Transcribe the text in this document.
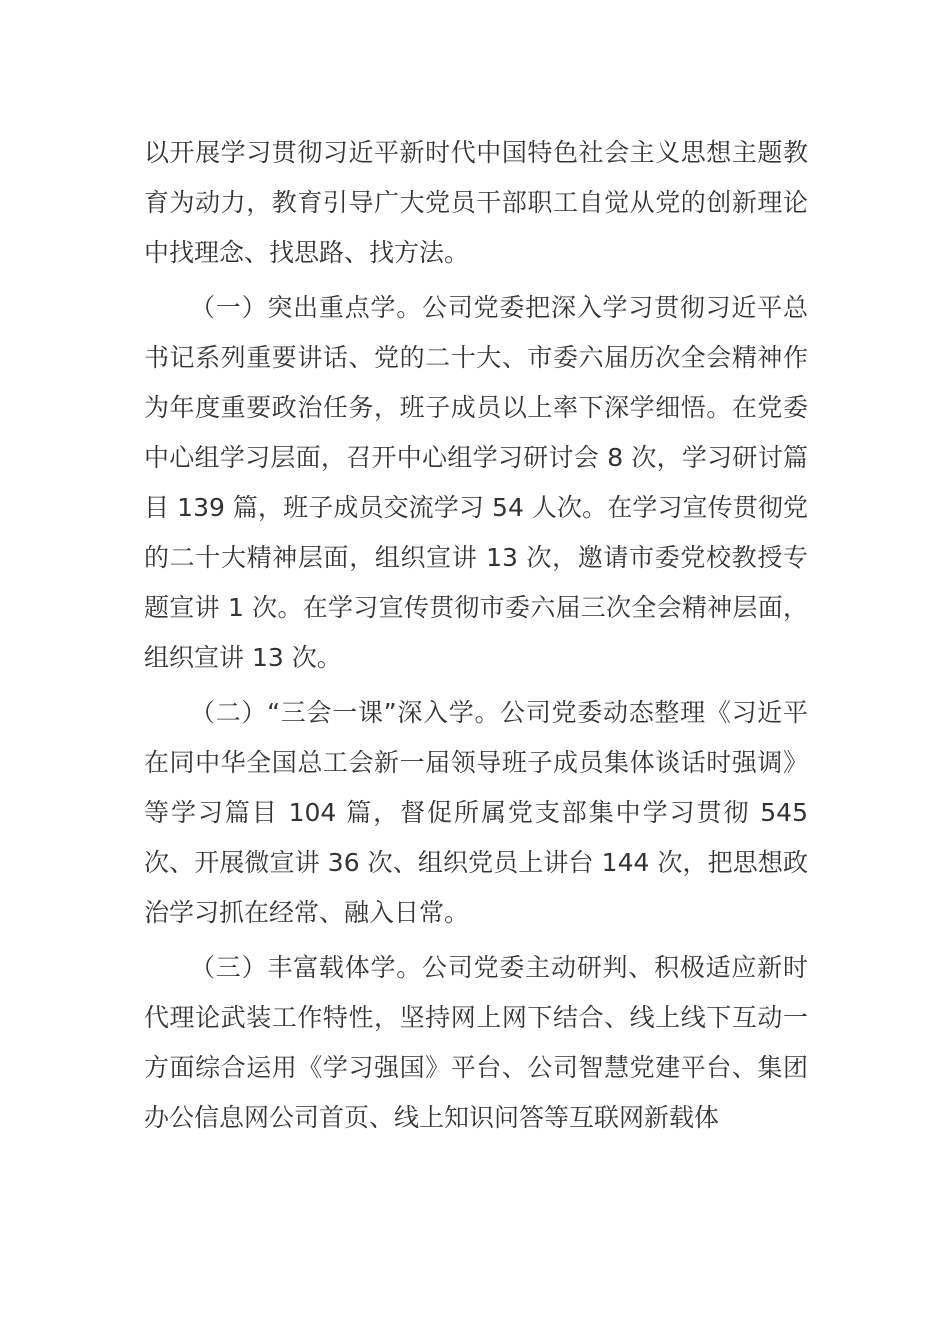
以开展学习贯彻习近平新时代中国特色社会主义思想主题教育为动力，教育引导广大党员干部职工自觉从党的创新理论中找理念、找思路、找方法。

（一）突出重点学。公司党委把深入学习贯彻习近平总书记系列重要讲话、党的二十大、市委六届历次全会精神作为年度重要政治任务，班子成员以上率下深学细悟。在党委中心组学习层面，召开中心组学习研讨会 8 次，学习研讨篇目 139 篇，班子成员交流学习 54 人次。在学习宣传贯彻党的二十大精神层面，组织宣讲 13 次，邀请市委党校教授专题宣讲 1 次。在学习宣传贯彻市委六届三次全会精神层面，组织宣讲 13 次。

（二）“三会一课”深入学。公司党委动态整理《习近平在同中华全国总工会新一届领导班子成员集体谈话时强调》等学习篇目 104 篇，督促所属党支部集中学习贯彻 545 次、开展微宣讲 36 次、组织党员上讲台 144 次，把思想政治学习抓在经常、融入日常。

（三）丰富载体学。公司党委主动研判、积极适应新时代理论武装工作特性，坚持网上网下结合、线上线下互动一方面综合运用《学习强国》平台、公司智慧党建平台、集团办公信息网公司首页、线上知识问答等互联网新载体
